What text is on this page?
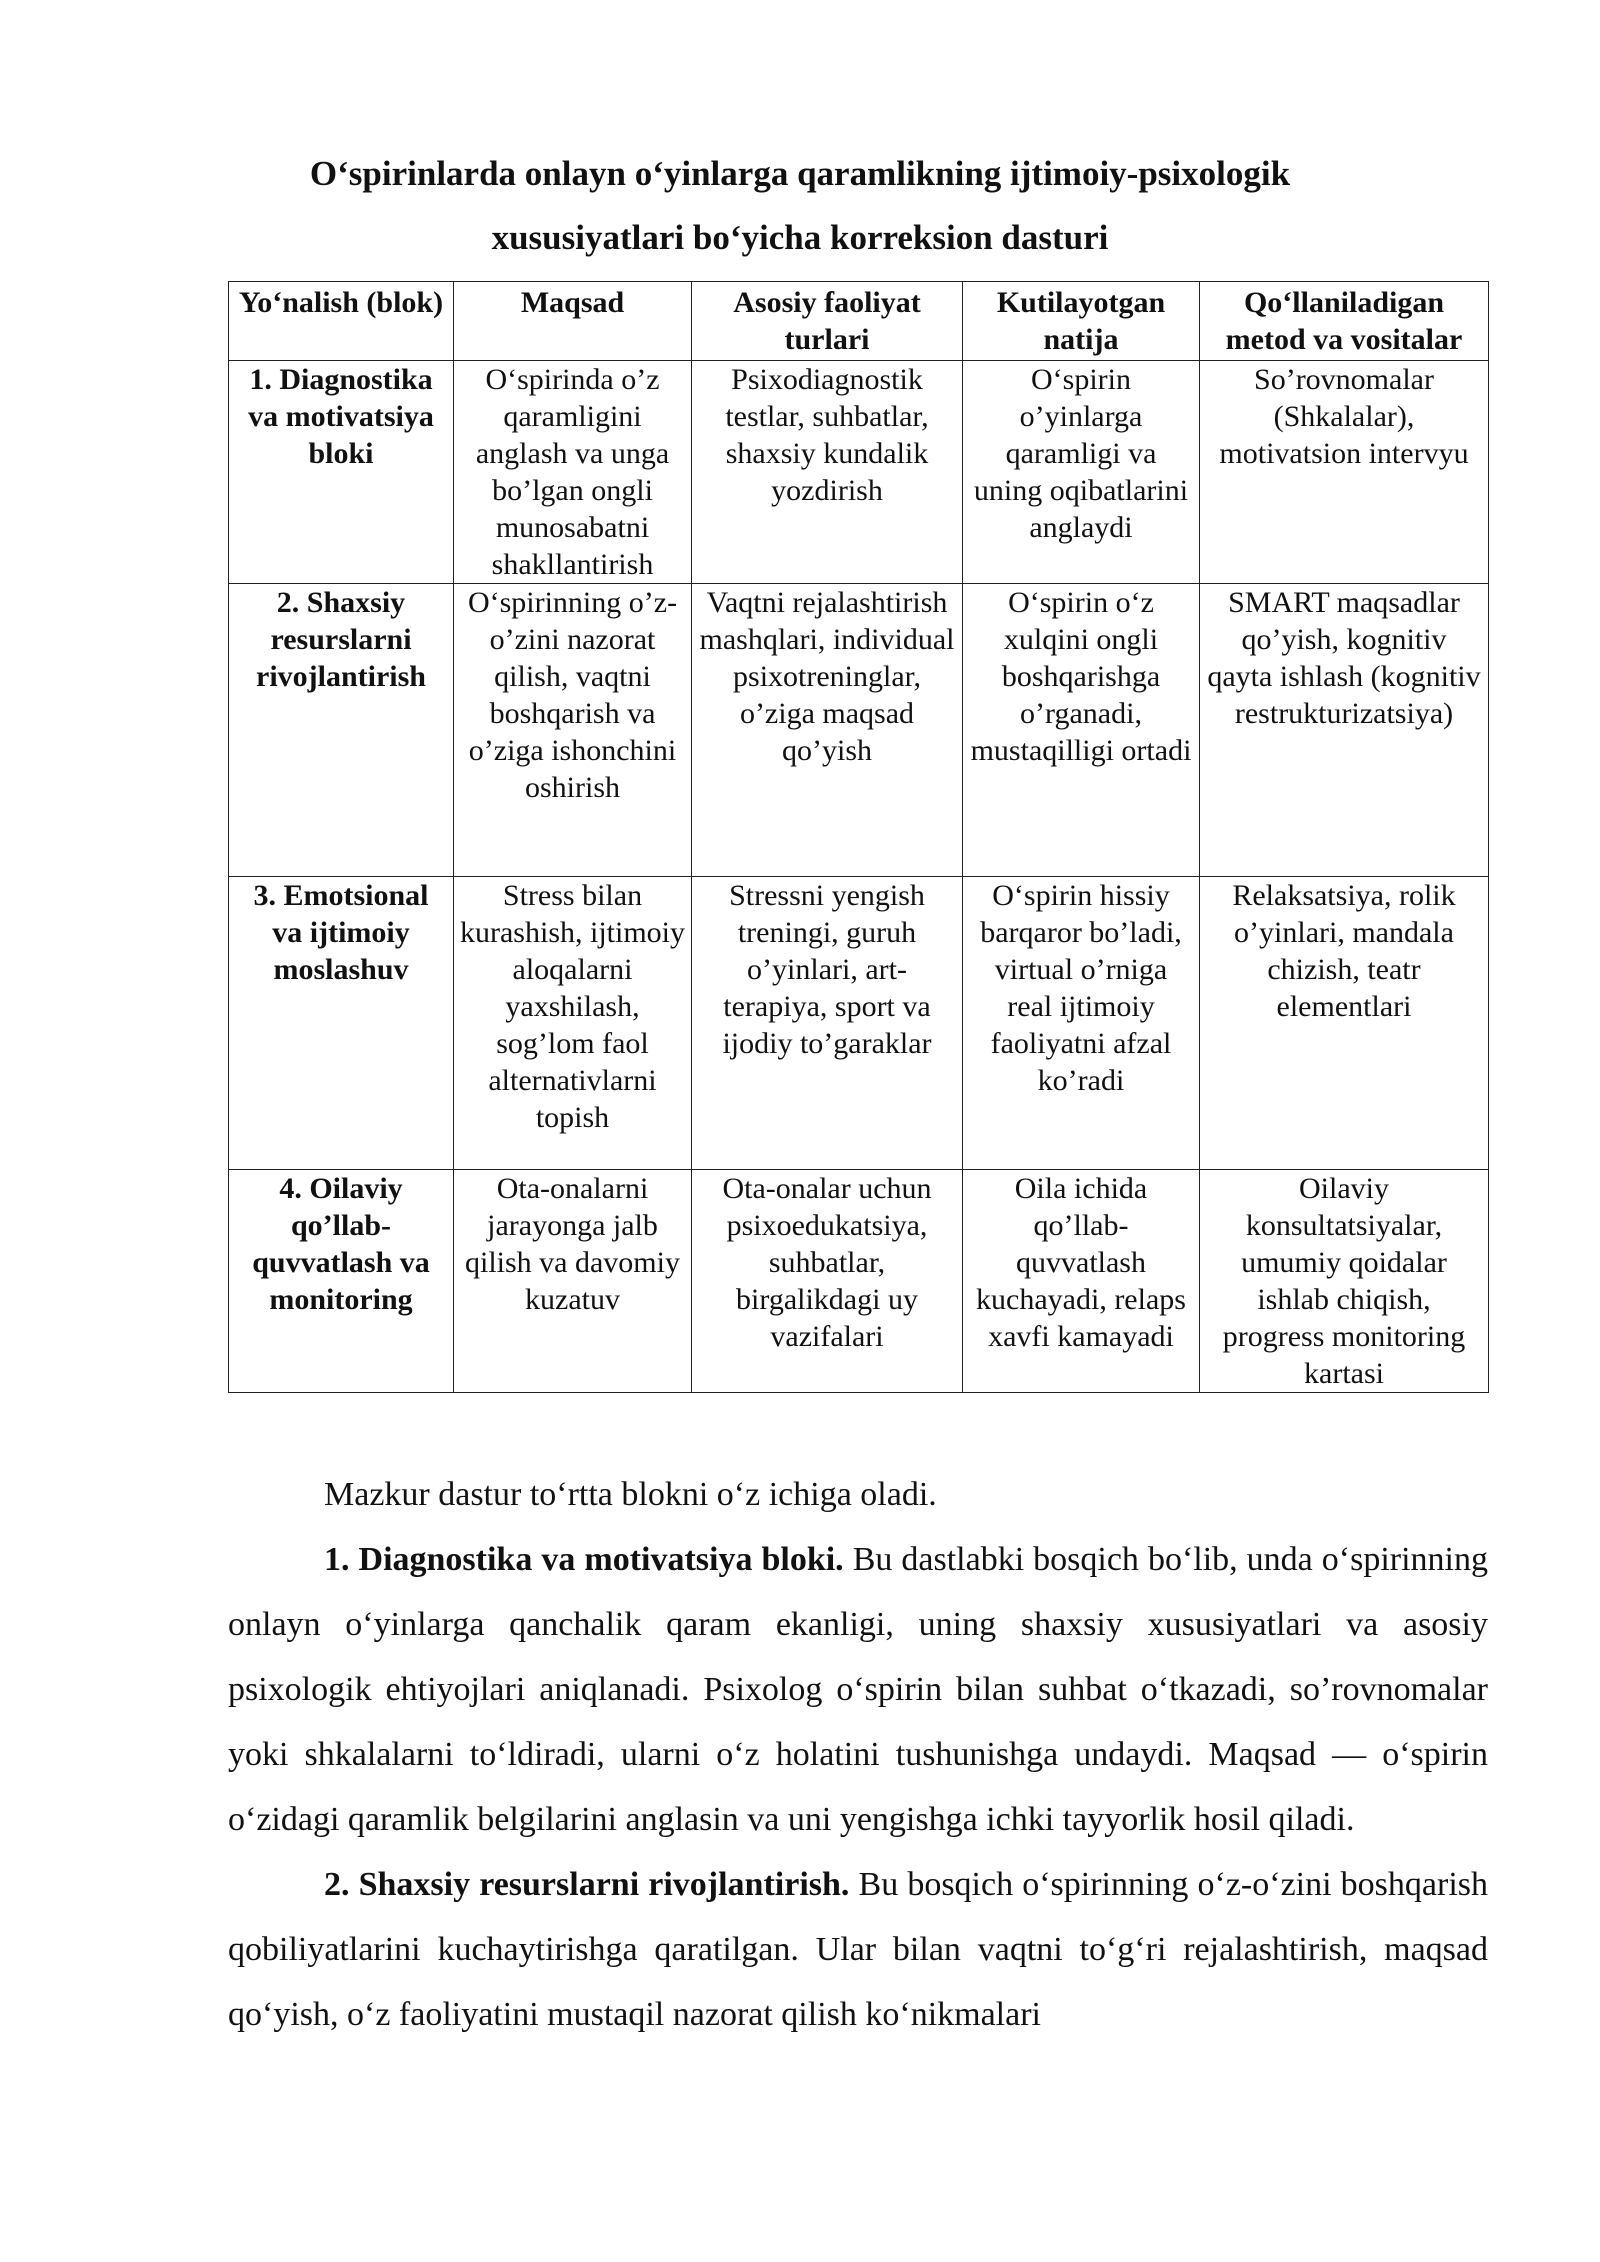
O‘spirinlarda onlayn o‘yinlarga qaramlikning ijtimoiy-psixologik
xususiyatlari bo‘yicha korreksion dasturi
Yo‘nalish (blok)	Maqsad	Asosiy faoliyat turlari	Kutilayotgan natija	Qo‘llaniladigan metod va vositalar
1. Diagnostika va motivatsiya bloki	O‘spirinda o’z qaramligini anglash va unga bo’lgan ongli munosabatni shakllantirish	Psixodiagnostik testlar, suhbatlar, shaxsiy kundalik yozdirish	O‘spirin o’yinlarga qaramligi va uning oqibatlarini anglaydi	So’rovnomalar (Shkalalar), motivatsion intervyu
2. Shaxsiy resurslarni rivojlantirish	O‘spirinning o’z-o’zini nazorat qilish, vaqtni boshqarish va o’ziga ishonchini oshirish	Vaqtni rejalashtirish mashqlari, individual psixotreninglar, o’ziga maqsad qo’yish	O‘spirin o‘z xulqini ongli boshqarishga o’rganadi, mustaqilligi ortadi	SMART maqsadlar qo’yish, kognitiv qayta ishlash (kognitiv restrukturizatsiya)
3. Emotsional va ijtimoiy moslashuv	Stress bilan kurashish, ijtimoiy aloqalarni yaxshilash, sog’lom faol alternativlarni topish	Stressni yengish treningi, guruh o’yinlari, art-terapiya, sport va ijodiy to’garaklar	O‘spirin hissiy barqaror bo’ladi, virtual o’rniga real ijtimoiy faoliyatni afzal ko’radi	Relaksatsiya, rolik o’yinlari, mandala chizish, teatr elementlari
4. Oilaviy qo’llab-quvvatlash va monitoring	Ota-onalarni jarayonga jalb qilish va davomiy kuzatuv	Ota-onalar uchun psixoedukatsiya, suhbatlar, birgalikdagi uy vazifalari	Oila ichida qo’llab-quvvatlash kuchayadi, relaps xavfi kamayadi	Oilaviy konsultatsiyalar, umumiy qoidalar ishlab chiqish, progress monitoring kartasi

Mazkur dastur to‘rtta blokni o‘z ichiga oladi.

1. Diagnostika va motivatsiya bloki. Bu dastlabki bosqich bo‘lib, unda o‘spirinning onlayn o‘yinlarga qanchalik qaram ekanligi, uning shaxsiy xususiyatlari va asosiy psixologik ehtiyojlari aniqlanadi. Psixolog o‘spirin bilan suhbat o‘tkazadi, so’rovnomalar yoki shkalalarni to‘ldiradi, ularni o‘z holatini tushunishga undaydi. Maqsad — o‘spirin o‘zidagi qaramlik belgilarini anglasin va uni yengishga ichki tayyorlik hosil qiladi.

2. Shaxsiy resurslarni rivojlantirish. Bu bosqich o‘spirinning o‘z-o‘zini boshqarish qobiliyatlarini kuchaytirishga qaratilgan. Ular bilan vaqtni to‘g‘ri rejalashtirish, maqsad qo‘yish, o‘z faoliyatini mustaqil nazorat qilish ko‘nikmalari
